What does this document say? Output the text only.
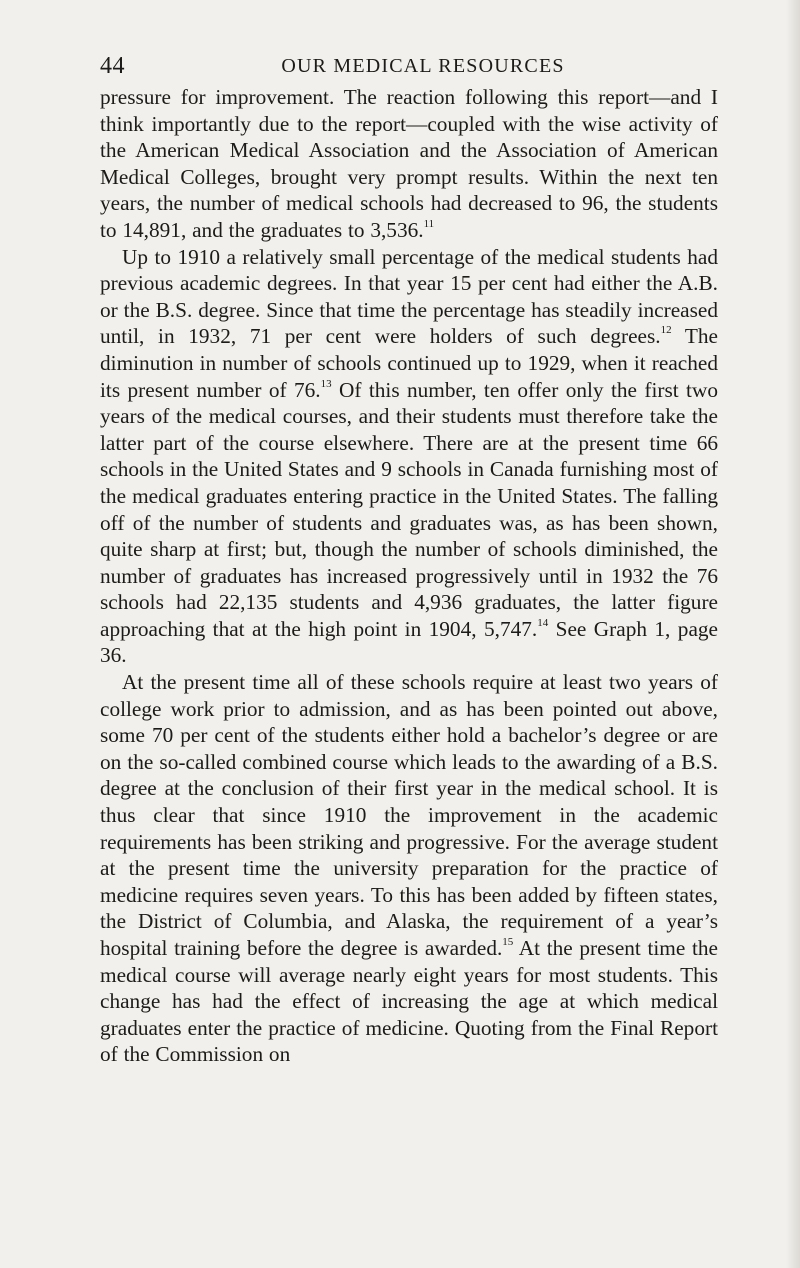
44	OUR MEDICAL RESOURCES

pressure for improvement. The reaction following this report—and I think importantly due to the report—coupled with the wise activity of the American Medical Association and the Association of American Medical Colleges, brought very prompt results. Within the next ten years, the number of medical schools had decreased to 96, the students to 14,891, and the graduates to 3,536.11

Up to 1910 a relatively small percentage of the medical students had previous academic degrees. In that year 15 per cent had either the A.B. or the B.S. degree. Since that time the percentage has steadily increased until, in 1932, 71 per cent were holders of such degrees.$^{12}$ The diminution in number of schools continued up to 1929, when it reached its present number of 76.13 Of this number, ten offer only the first two years of the medical courses, and their students must therefore take the latter part of the course elsewhere. There are at the present time 66 schools in the United States and 9 schools in Canada furnishing most of the medical graduates entering practice in the United States. The falling off of the number of students and graduates was, as has been shown, quite sharp at first; but, though the number of schools diminished, the number of graduates has increased progressively until in 1932 the 76 schools had 22,135 students and 4,936 graduates, the latter figure approaching that at the high point in 1904, 5,747.14 See Graph 1, page 36.

At the present time all of these schools require at least two years of college work prior to admission, and as has been pointed out above, some 70 per cent of the students either hold a bachelor’s degree or are on the so-called combined course which leads to the awarding of a B.S. degree at the conclusion of their first year in the medical school. It is thus clear that since 1910 the improvement in the academic requirements has been striking and progressive. For the average student at the present time the university preparation for the practice of medicine requires seven years. To this has been added by fifteen states, the District of Columbia, and Alaska, the requirement of a year’s hospital training before the degree is awarded.$^{15}$ At the present time the medical course will average nearly eight years for most students. This change has had the effect of increasing the age at which medical graduates enter the practice of medicine. Quoting from the Final Report of the Commission on
